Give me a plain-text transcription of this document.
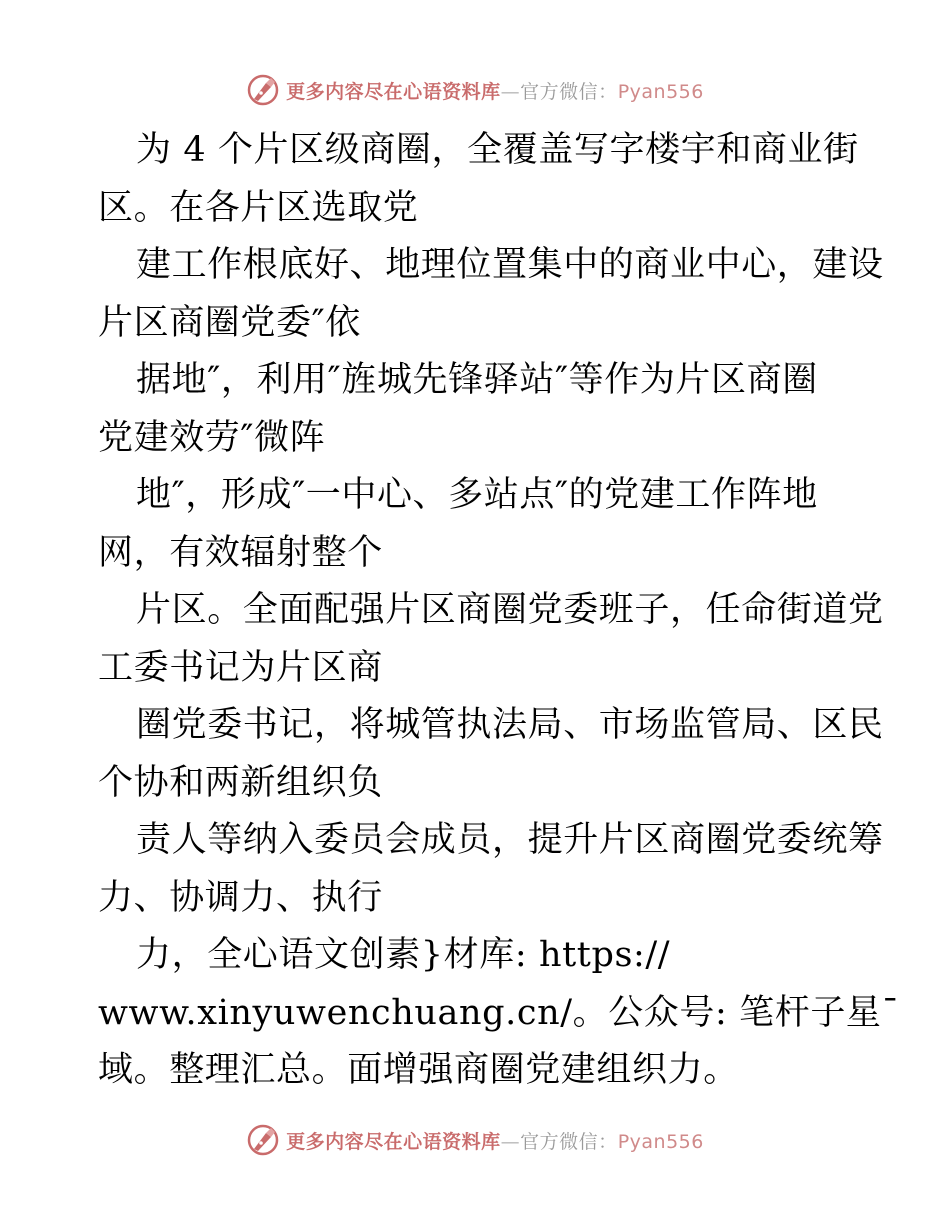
更多内容尽在心语资料库—官方微信：Pyan556
为 4 个片区级商圈，全覆盖写字楼宇和商业街
区。在各片区选取党
建工作根底好、地理位置集中的商业中心，建设
片区商圈党委″依
据地″，利用″旌城先锋驿站″等作为片区商圈
党建效劳″微阵
地″，形成″一中心、多站点″的党建工作阵地
网，有效辐射整个
片区。全面配强片区商圈党委班子，任命街道党
工委书记为片区商
圈党委书记，将城管执法局、市场监管局、区民
个协和两新组织负
责人等纳入委员会成员，提升片区商圈党委统筹
力、协调力、执行
力，全心语文创素}材库: https://
www.xinyuwenchuang.cn/。公众号: 笔杆子星¯
域。整理汇总。面增强商圈党建组织力。
更多内容尽在心语资料库—官方微信：Pyan556
